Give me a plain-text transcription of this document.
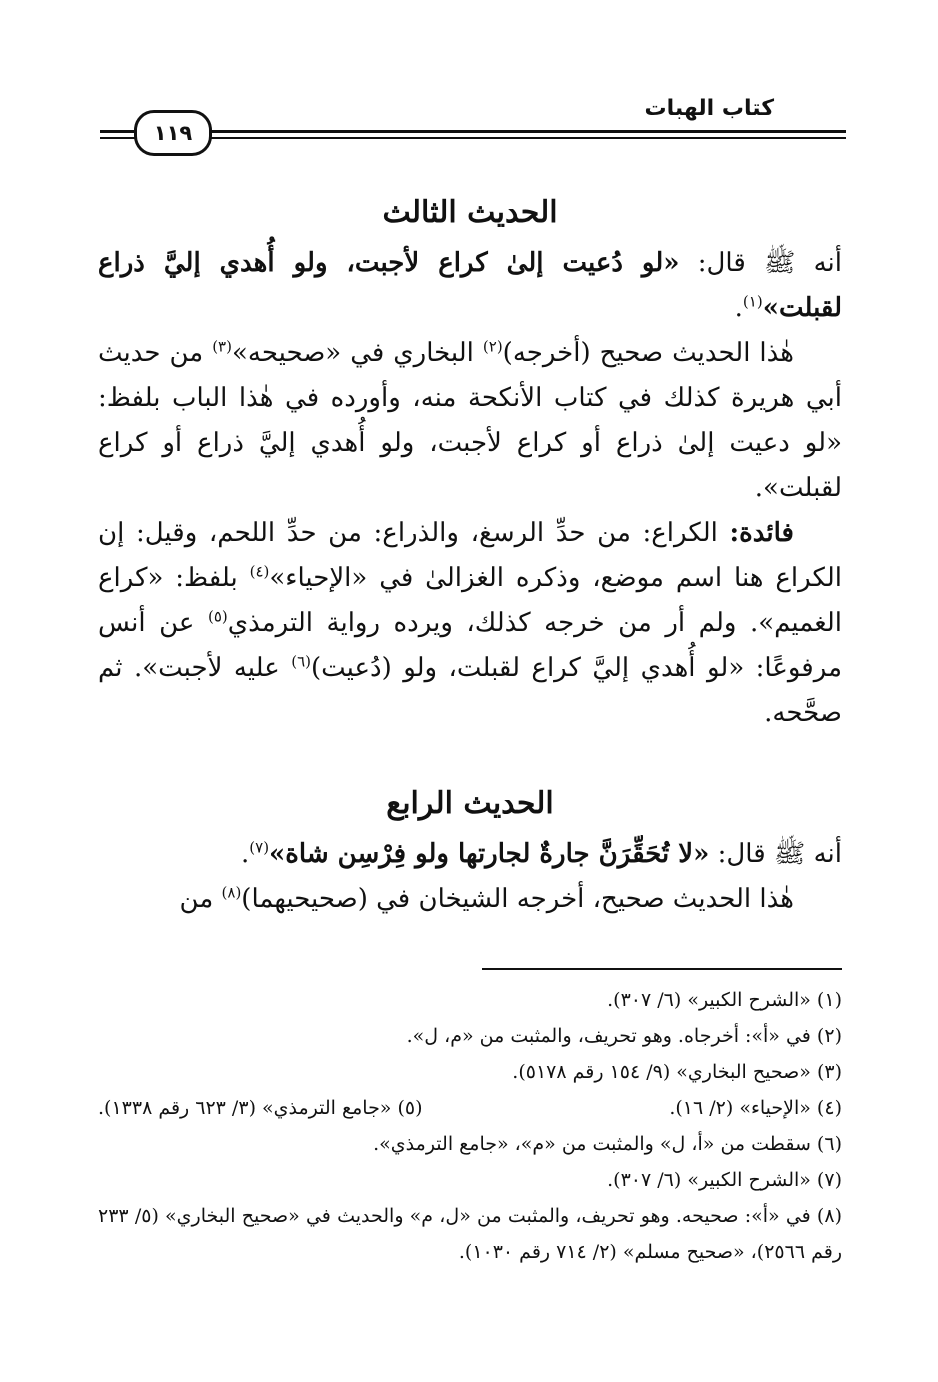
كتاب الهبات
١١٩
الحديث الثالث

أنه ﷺ قال: «لو دُعيت إلىٰ كراع لأجبت، ولو أُهدي إليَّ ذراع لقبلت»$^{(١)}$.

هٰذا الحديث صحيح (أخرجه)$^{(٢)}$ البخاري في «صحيحه»$^{(٣)}$ من حديث أبي هريرة كذلك في كتاب الأنكحة منه، وأورده في هٰذا الباب بلفظ: «لو دعيت إلىٰ ذراع أو كراع لأجبت، ولو أُهدي إليَّ ذراع أو كراع لقبلت».

فائدة: الكراع: من حدِّ الرسغ، والذراع: من حدِّ اللحم، وقيل: إن الكراع هنا اسم موضع، وذكره الغزالىٰ في «الإحياء»$^{(٤)}$ بلفظ: «كراع الغميم». ولم أر من خرجه كذلك، ويرده رواية الترمذي$^{(٥)}$ عن أنس مرفوعًا: «لو أُهدي إليَّ كراع لقبلت، ولو (دُعيت)$^{(٦)}$ عليه لأجبت». ثم صحَّحه.

الحديث الرابع

أنه ﷺ قال: «لا تُحَقِّرَنَّ جارةٌ لجارتها ولو فِرْسِن شاة»$^{(٧)}$.

هٰذا الحديث صحيح، أخرجه الشيخان في (صحيحيهما)$^{(٨)}$ من

(١) «الشرح الكبير» (٦/ ٣٠٧).

(٢) في «أ»: أخرجاه. وهو تحريف، والمثبت من «م، ل».

(٣) «صحيح البخاري» (٩/ ١٥٤ رقم ٥١٧٨).

(٤) «الإحياء» (٢/ ١٦).
(٥) «جامع الترمذي» (٣/ ٦٢٣ رقم ١٣٣٨).

(٦) سقطت من «أ، ل» والمثبت من «م»، «جامع الترمذي».

(٧) «الشرح الكبير» (٦/ ٣٠٧).

(٨) في «أ»: صحيحه. وهو تحريف، والمثبت من «ل، م» والحديث في «صحيح البخاري» (٥/ ٢٣٣ رقم ٢٥٦٦)، «صحيح مسلم» (٢/ ٧١٤ رقم ١٠٣٠).
